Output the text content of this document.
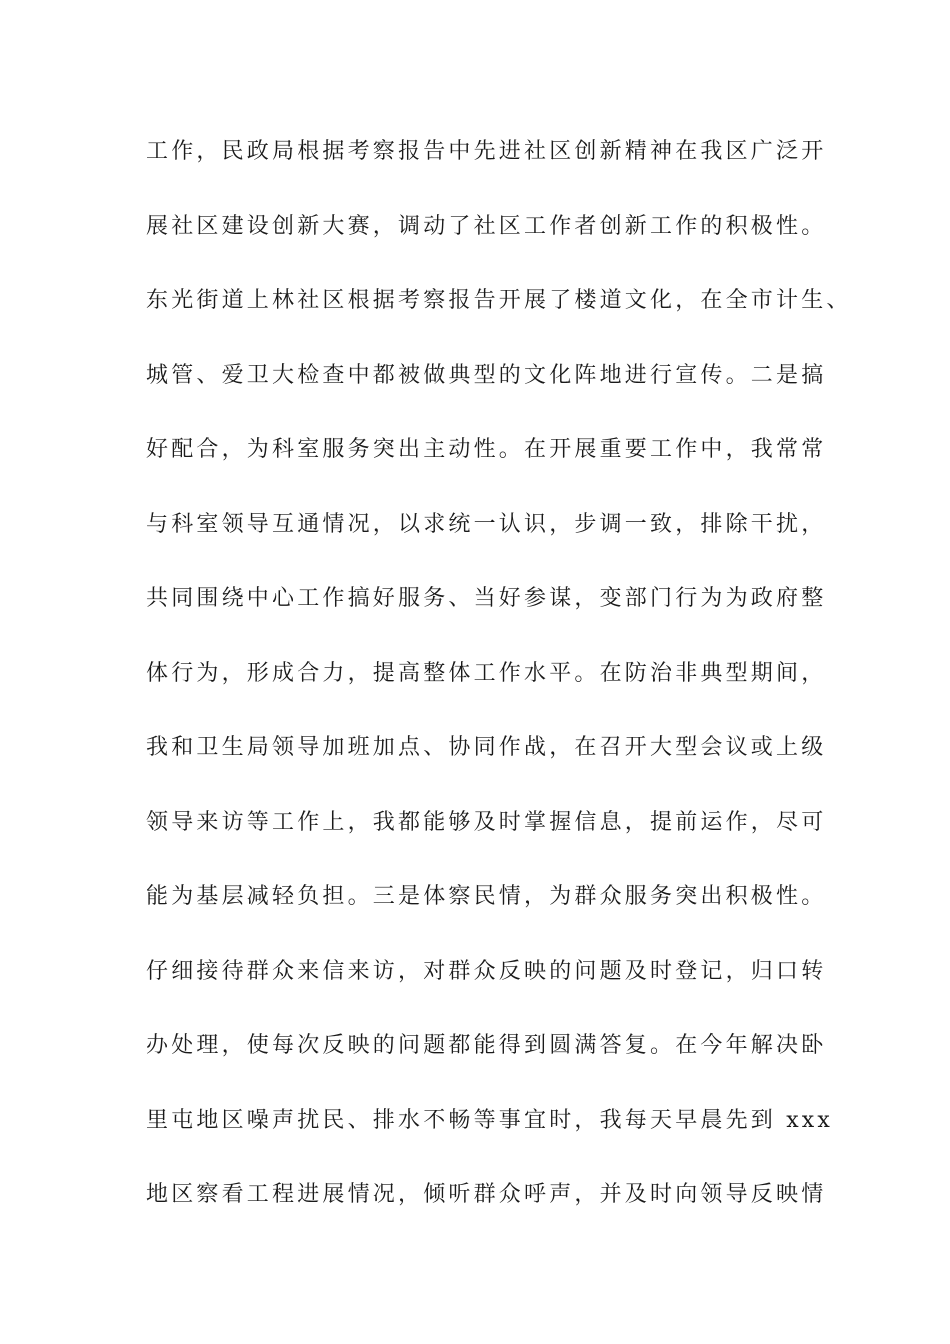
工作，民政局根据考察报告中先进社区创新精神在我区广泛开
展社区建设创新大赛，调动了社区工作者创新工作的积极性。
东光街道上林社区根据考察报告开展了楼道文化，在全市计生、
城管、爱卫大检查中都被做典型的文化阵地进行宣传。二是搞
好配合，为科室服务突出主动性。在开展重要工作中，我常常
与科室领导互通情况，以求统一认识，步调一致，排除干扰，
共同围绕中心工作搞好服务、当好参谋，变部门行为为政府整
体行为，形成合力，提高整体工作水平。在防治非典型期间，
我和卫生局领导加班加点、协同作战，在召开大型会议或上级
领导来访等工作上，我都能够及时掌握信息，提前运作，尽可
能为基层减轻负担。三是体察民情，为群众服务突出积极性。
仔细接待群众来信来访，对群众反映的问题及时登记，归口转
办处理，使每次反映的问题都能得到圆满答复。在今年解决卧
里屯地区噪声扰民、排水不畅等事宜时，我每天早晨先到 xxx
地区察看工程进展情况，倾听群众呼声，并及时向领导反映情
